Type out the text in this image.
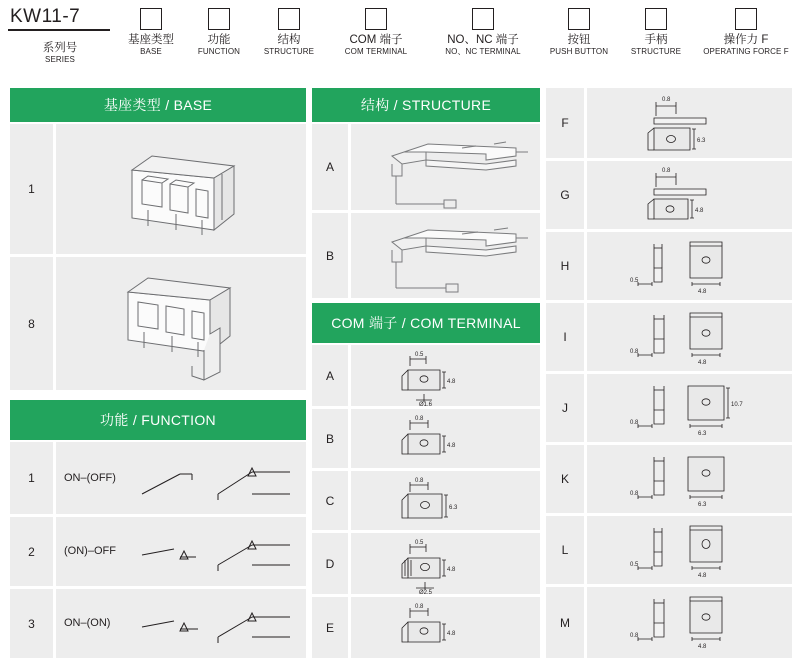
KW11-7
系列号
SERIES
基座类型
BASE
功能
FUNCTION
结构
STRUCTURE
COM 端子
COM TERMINAL
NO、NC 端子
NO、NC TERMINAL
按钮
PUSH BUTTON
手柄
STRUCTURE
操作力 F
OPERATING FORCE F
基座类型 / BASE
1
8
功能 / FUNCTION
1
2
3
ON–(OFF)
(ON)–OFF
ON–(ON)
结构 / STRUCTURE
A
B
COM 端子 / COM TERMINAL
A
B
C
D
E
0.5
4.8
Ø1.6
0.8
4.8
0.8
6.3
0.5
4.8
Ø2.5
0.8
4.8
F
G
H
I
J
K
L
M
0.8
6.3
0.8
4.8
0.5
4.8
0.8
4.8
0.8
6.3
10.7
0.8
6.3
0.5
4.8
0.8
4.8
